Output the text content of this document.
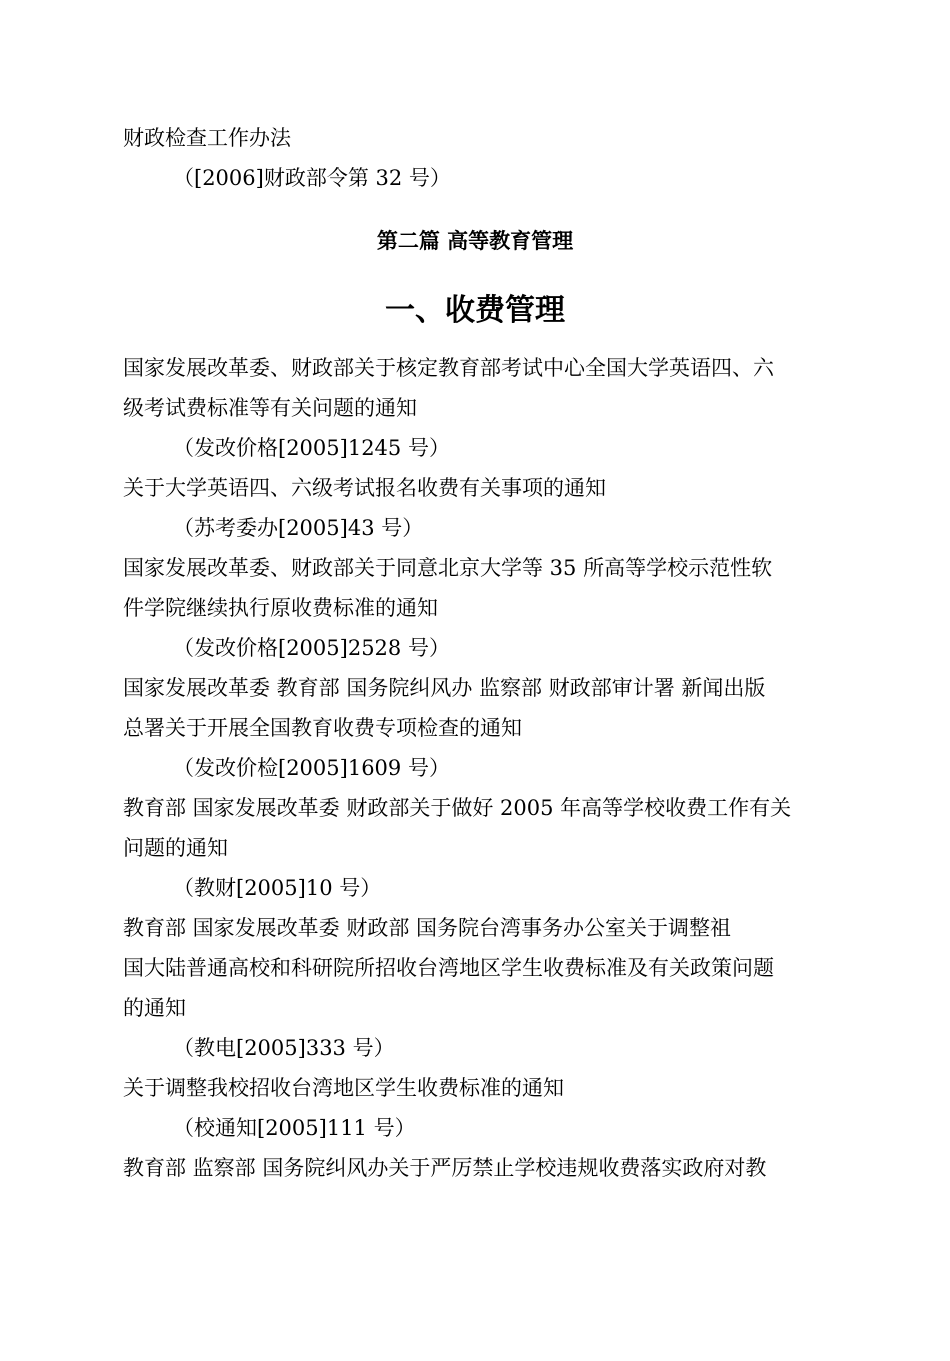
财政检查工作办法
（[2006]财政部令第 32 号）
第二篇 高等教育管理
一、收费管理
国家发展改革委、财政部关于核定教育部考试中心全国大学英语四、六
级考试费标准等有关问题的通知
（发改价格[2005]1245 号）
关于大学英语四、六级考试报名收费有关事项的通知
（苏考委办[2005]43 号）
国家发展改革委、财政部关于同意北京大学等 35 所高等学校示范性软
件学院继续执行原收费标准的通知
（发改价格[2005]2528 号）
国家发展改革委 教育部 国务院纠风办 监察部 财政部审计署 新闻出版
总署关于开展全国教育收费专项检查的通知
（发改价检[2005]1609 号）
教育部 国家发展改革委 财政部关于做好 2005 年高等学校收费工作有关
问题的通知
（教财[2005]10 号）
教育部 国家发展改革委 财政部 国务院台湾事务办公室关于调整祖
国大陆普通高校和科研院所招收台湾地区学生收费标准及有关政策问题
的通知
（教电[2005]333 号）
关于调整我校招收台湾地区学生收费标准的通知
（校通知[2005]111 号）
教育部 监察部 国务院纠风办关于严厉禁止学校违规收费落实政府对教
